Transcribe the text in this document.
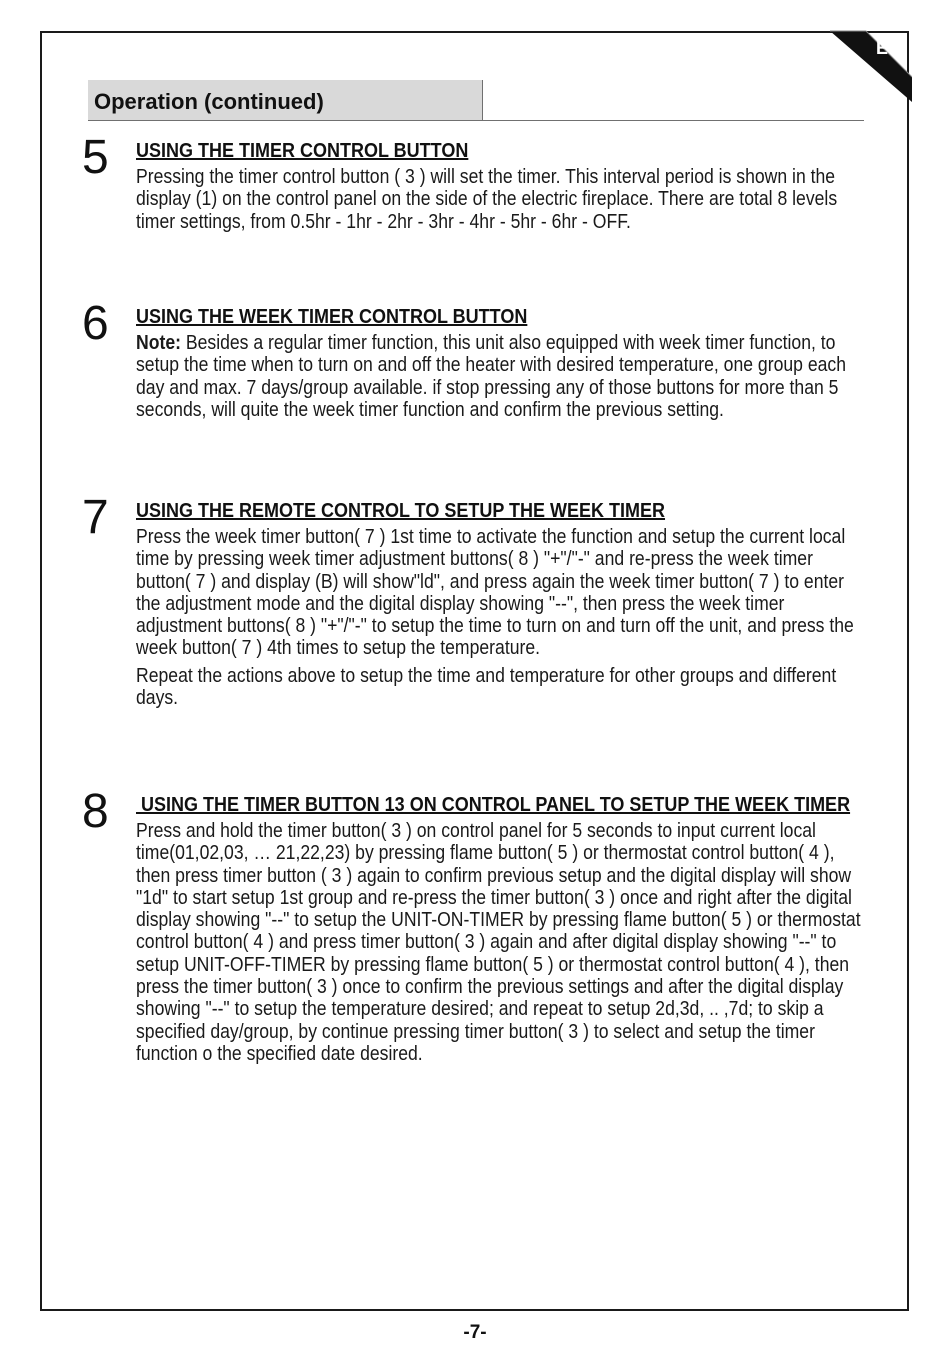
EN
Operation (continued)
5 USING THE TIMER CONTROL BUTTON

Pressing the timer control button ( 3 ) will set the timer. This interval period is shown in the display (1) on the control panel on the side of the electric fireplace. There are total 8 levels timer settings, from 0.5hr - 1hr - 2hr - 3hr - 4hr - 5hr - 6hr - OFF.

6 USING THE WEEK TIMER CONTROL BUTTON

Note: Besides a regular timer function, this unit also equipped with week timer function, to setup the time when to turn on and off the heater with desired temperature, one group each day and max. 7 days/group available. if stop pressing any of those buttons for more than 5 seconds, will quite the week timer function and confirm the previous setting.

7 USING THE REMOTE CONTROL TO SETUP THE WEEK TIMER

Press the week timer button( 7 ) 1st time to activate the function and setup the current local time by pressing week timer adjustment buttons( 8 ) "+"/"-" and re-press the week timer button( 7 ) and display (B) will show"ld", and press again the week timer button( 7 ) to enter the adjustment mode and the digital display showing "--", then press the week timer adjustment buttons( 8 ) "+"/"-" to setup the time to turn on and turn off the unit, and press the week button( 7 ) 4th times to setup the temperature.

Repeat the actions above to setup the time and temperature for other groups and different days.

8 USING THE TIMER BUTTON 13 ON CONTROL PANEL TO SETUP THE WEEK TIMER

Press and hold the timer button( 3 ) on control panel for 5 seconds to input current local time(01,02,03, … 21,22,23) by pressing flame button( 5 ) or thermostat control button( 4 ), then press timer button ( 3 ) again to confirm previous setup and the digital display will show "1d" to start setup 1st group and re-press the timer button( 3 ) once and right after the digital display showing "--" to setup the UNIT-ON-TIMER by pressing flame button( 5 ) or thermostat control button( 4 ) and press timer button( 3 ) again and after digital display showing "--" to setup UNIT-OFF-TIMER by pressing flame button( 5 ) or thermostat control button( 4 ), then press the timer button( 3 ) once to confirm the previous settings and after the digital display showing "--" to setup the temperature desired; and repeat to setup 2d,3d, .. ,7d; to skip a specified day/group, by continue pressing timer button( 3 ) to select and setup the timer function o the specified date desired.

-7-
